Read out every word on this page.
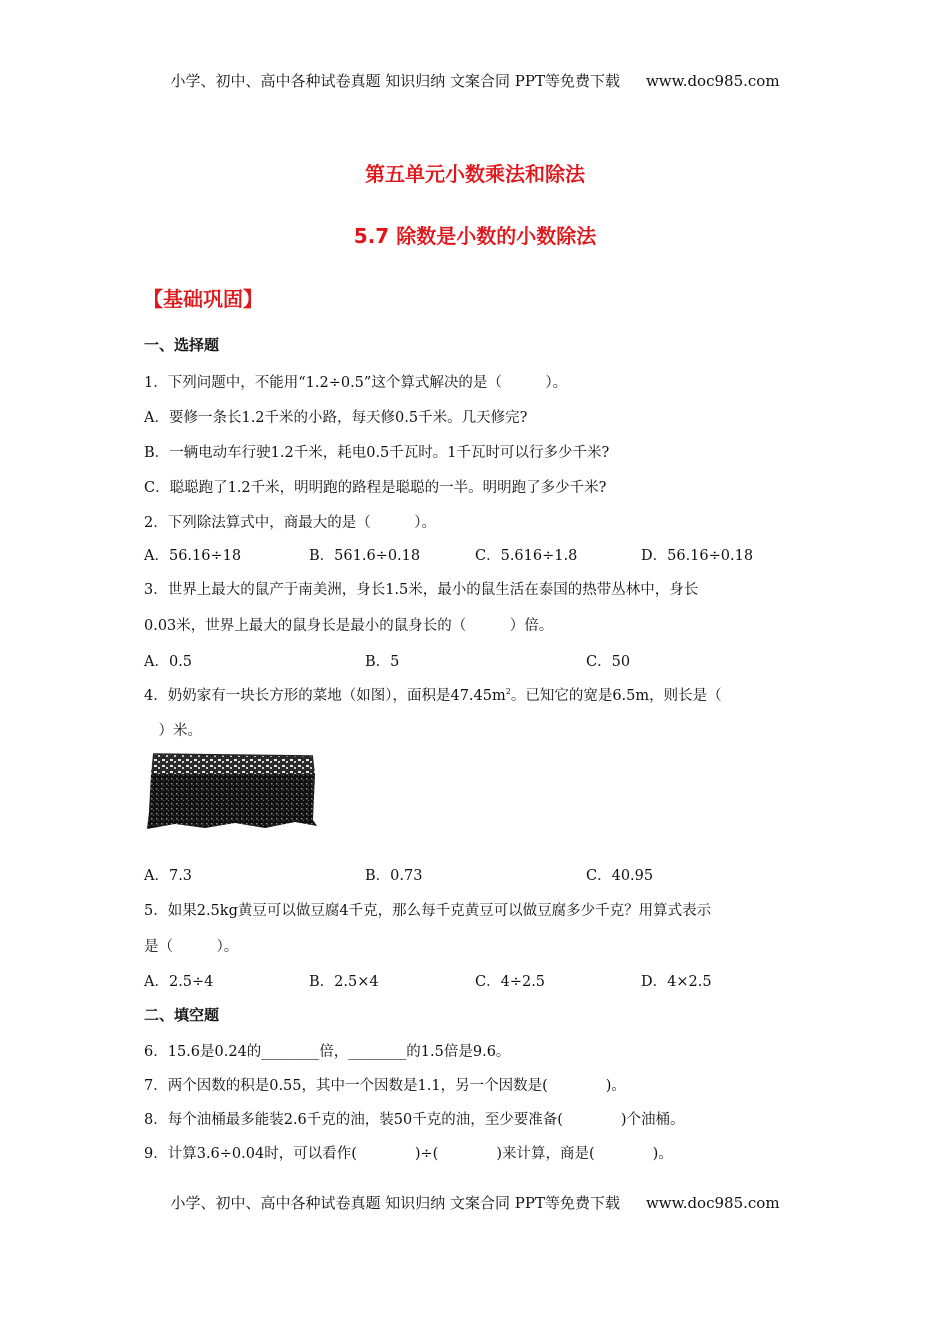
小学、初中、高中各种试卷真题 知识归纳 文案合同 PPT等免费下载 www.doc985.com
第五单元小数乘法和除法
5.7 除数是小数的小数除法
【基础巩固】
一、选择题
1．下列问题中，不能用“1.2÷0.5”这个算式解决的是（　　　）。
A．要修一条长1.2千米的小路，每天修0.5千米。几天修完?
B．一辆电动车行驶1.2千米，耗电0.5千瓦时。1千瓦时可以行多少千米?
C．聪聪跑了1.2千米，明明跑的路程是聪聪的一半。明明跑了多少千米?
2．下列除法算式中，商最大的是（　　　）。
A．56.16÷18	B．561.6÷0.18	C．5.616÷1.8	D．56.16÷0.18
3．世界上最大的鼠产于南美洲，身长1.5米，最小的鼠生活在泰国的热带丛林中，身长
0.03米，世界上最大的鼠身长是最小的鼠身长的（　　　）倍。
A．0.5	B．5	C．50
4．奶奶家有一块长方形的菜地（如图），面积是$47.45m^2$。已知它的宽是6.5m，则长是（
　）米。
A．7.3	B．0.73	C．40.95
5．如果2.5kg黄豆可以做豆腐4千克，那么每千克黄豆可以做豆腐多少千克？用算式表示
是（　　　）。
A．2.5÷4	B．2.5×4	C．4÷2.5	D．4×2.5
二、填空题
6．15.6是0.24的________倍，________的1.5倍是9.6。
7．两个因数的积是0.55，其中一个因数是1.1，另一个因数是(　　　　)。
8．每个油桶最多能装2.6千克的油，装50千克的油，至少要准备(　　　　)个油桶。
9．计算3.6÷0.04时，可以看作(　　　　)÷(　　　　)来计算，商是(　　　　)。
小学、初中、高中各种试卷真题 知识归纳 文案合同 PPT等免费下载 www.doc985.com
